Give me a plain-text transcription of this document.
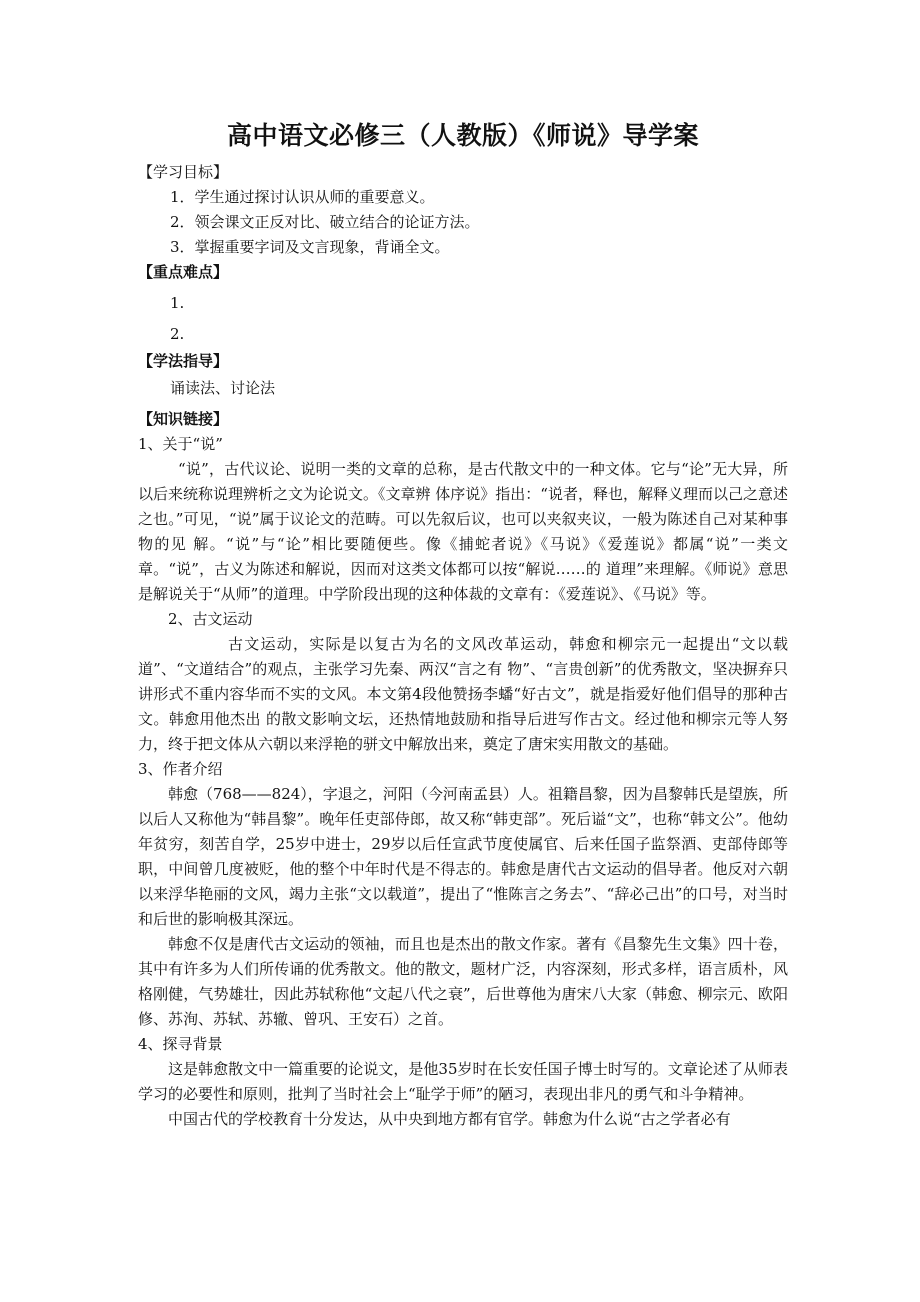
高中语文必修三（人教版）《师说》导学案

【学习目标】

1．学生通过探讨认识从师的重要意义。

2．领会课文正反对比、破立结合的论证方法。

3．掌握重要字词及文言现象，背诵全文。

【重点难点】

1.

2.

【学法指导】

诵读法、讨论法

【知识链接】

1、关于“说”

“说”，古代议论、说明一类的文章的总称，是古代散文中的一种文体。它与“论”无大异，所以后来统称说理辨析之文为论说文。《文章辨 体序说》指出：“说者，释也，解释义理而以己之意述之也。”可见，“说”属于议论文的范畴。可以先叙后议，也可以夹叙夹议，一般为陈述自己对某种事物的见 解。“说”与“论”相比要随便些。像《捕蛇者说》《马说》《爱莲说》都属“说”一类文章。“说”，古义为陈述和解说，因而对这类文体都可以按“解说……的 道理”来理解。《师说》意思是解说关于“从师”的道理。中学阶段出现的这种体裁的文章有：《爱莲说》、《马说》等。

2、古文运动

古文运动，实际是以复古为名的文风改革运动，韩愈和柳宗元一起提出“文以载道”、“文道结合”的观点，主张学习先秦、两汉“言之有 物”、“言贵创新”的优秀散文，坚决摒弃只讲形式不重内容华而不实的文风。本文第4段他赞扬李蟠“好古文”，就是指爱好他们倡导的那种古文。韩愈用他杰出 的散文影响文坛，还热情地鼓励和指导后进写作古文。经过他和柳宗元等人努力，终于把文体从六朝以来浮艳的骈文中解放出来，奠定了唐宋实用散文的基础。

3、作者介绍

韩愈（768——824），字退之，河阳（今河南孟县）人。祖籍昌黎，因为昌黎韩氏是望族，所以后人又称他为“韩昌黎”。晚年任吏部侍郎，故又称“韩吏部”。死后谥“文”，也称“韩文公”。他幼年贫穷，刻苦自学，25岁中进士，29岁以后任宣武节度使属官、后来任国子监祭酒、吏部侍郎等职，中间曾几度被贬，他的整个中年时代是不得志的。韩愈是唐代古文运动的倡导者。他反对六朝以来浮华艳丽的文风，竭力主张“文以载道”，提出了“惟陈言之务去”、“辞必己出”的口号，对当时和后世的影响极其深远。

韩愈不仅是唐代古文运动的领袖，而且也是杰出的散文作家。著有《昌黎先生文集》四十卷，其中有许多为人们所传诵的优秀散文。他的散文，题材广泛，内容深刻，形式多样，语言质朴，风格刚健，气势雄壮，因此苏轼称他“文起八代之衰”，后世尊他为唐宋八大家（韩愈、柳宗元、欧阳修、苏洵、苏轼、苏辙、曾巩、王安石）之首。

4、探寻背景

这是韩愈散文中一篇重要的论说文，是他35岁时在长安任国子博士时写的。文章论述了从师表学习的必要性和原则，批判了当时社会上“耻学于师”的陋习，表现出非凡的勇气和斗争精神。

中国古代的学校教育十分发达，从中央到地方都有官学。韩愈为什么说“古之学者必有
